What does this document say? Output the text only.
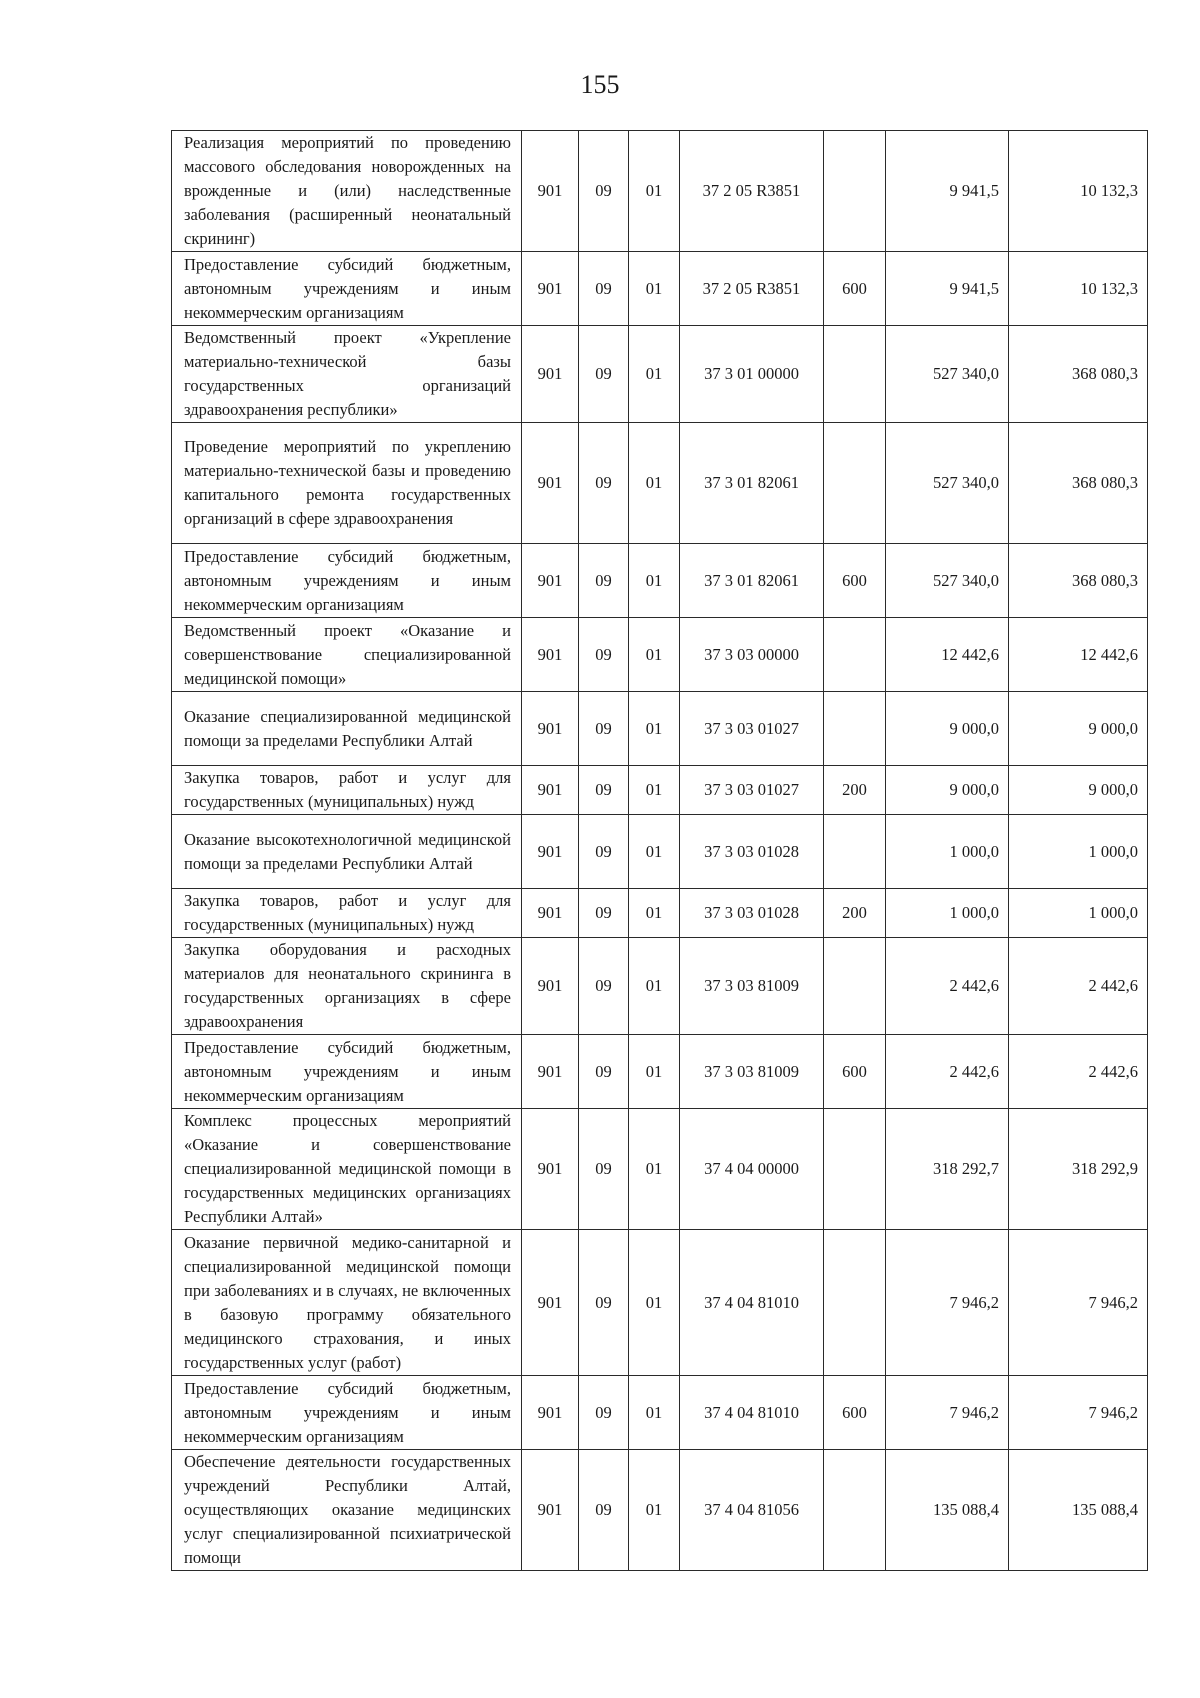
155
Реализация мероприятий по проведению массового обследования новорожденных на врожденные и (или) наследственные заболевания (расширенный неонатальный скрининг)	901	09	01	37 2 05 R3851		9 941,5	10 132,3
Предоставление субсидий бюджетным, автономным учреждениям и иным некоммерческим организациям	901	09	01	37 2 05 R3851	600	9 941,5	10 132,3
Ведомственный проект «Укрепление материально-технической базы государственных организаций здравоохранения республики»	901	09	01	37 3 01 00000		527 340,0	368 080,3
Проведение мероприятий по укреплению материально-технической базы и проведению капитального ремонта государственных организаций в сфере здравоохранения	901	09	01	37 3 01 82061		527 340,0	368 080,3
Предоставление субсидий бюджетным, автономным учреждениям и иным некоммерческим организациям	901	09	01	37 3 01 82061	600	527 340,0	368 080,3
Ведомственный проект «Оказание и совершенствование специализированной медицинской помощи»	901	09	01	37 3 03 00000		12 442,6	12 442,6
Оказание специализированной медицинской помощи за пределами Республики Алтай	901	09	01	37 3 03 01027		9 000,0	9 000,0
Закупка товаров, работ и услуг для государственных (муниципальных) нужд	901	09	01	37 3 03 01027	200	9 000,0	9 000,0
Оказание высокотехнологичной медицинской помощи за пределами Республики Алтай	901	09	01	37 3 03 01028		1 000,0	1 000,0
Закупка товаров, работ и услуг для государственных (муниципальных) нужд	901	09	01	37 3 03 01028	200	1 000,0	1 000,0
Закупка оборудования и расходных материалов для неонатального скрининга в государственных организациях в сфере здравоохранения	901	09	01	37 3 03 81009		2 442,6	2 442,6
Предоставление субсидий бюджетным, автономным учреждениям и иным некоммерческим организациям	901	09	01	37 3 03 81009	600	2 442,6	2 442,6
Комплекс процессных мероприятий «Оказание и совершенствование специализированной медицинской помощи в государственных медицинских организациях Республики Алтай»	901	09	01	37 4 04 00000		318 292,7	318 292,9
Оказание первичной медико-санитарной и специализированной медицинской помощи при заболеваниях и в случаях, не включенных в базовую программу обязательного медицинского страхования, и иных государственных услуг (работ)	901	09	01	37 4 04 81010		7 946,2	7 946,2
Предоставление субсидий бюджетным, автономным учреждениям и иным некоммерческим организациям	901	09	01	37 4 04 81010	600	7 946,2	7 946,2
Обеспечение деятельности государственных учреждений Республики Алтай, осуществляющих оказание медицинских услуг специализированной психиатрической помощи	901	09	01	37 4 04 81056		135 088,4	135 088,4
